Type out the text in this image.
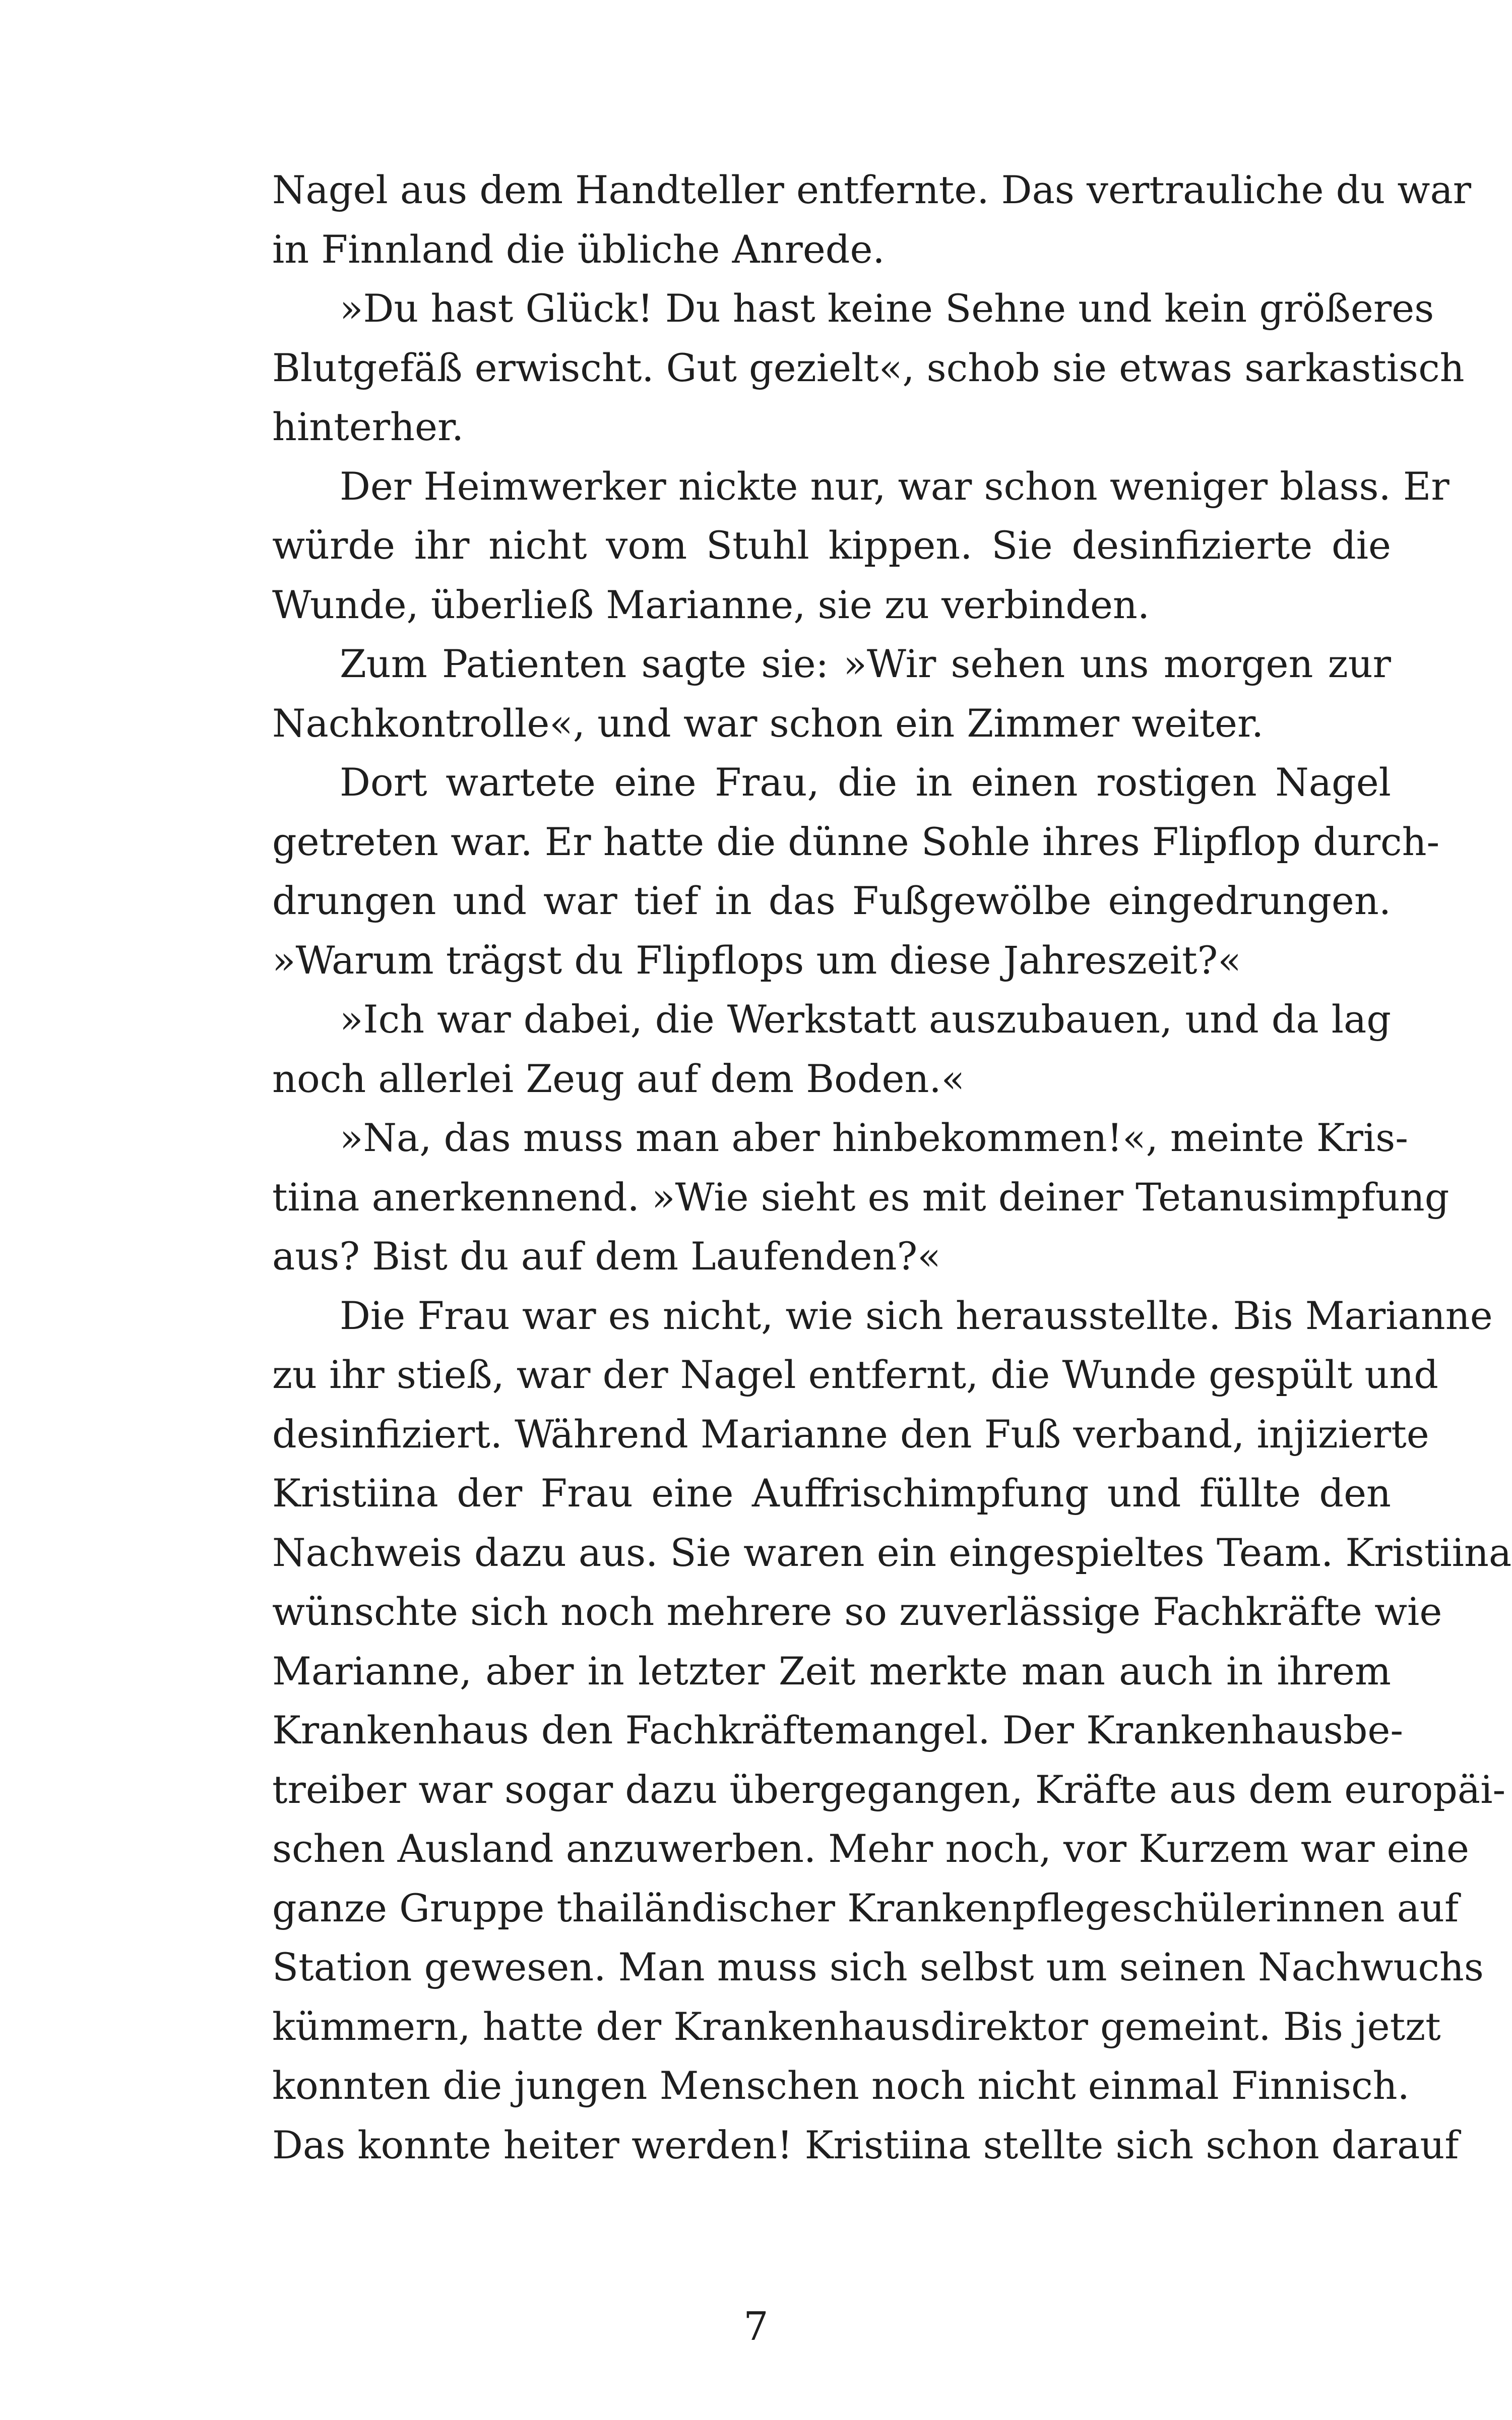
Nagel aus dem Handteller entfernte. Das vertrauliche du war
in Finnland die übliche Anrede.
»Du hast Glück! Du hast keine Sehne und kein größeres
Blutgefäß erwischt. Gut gezielt«, schob sie etwas sarkastisch
hinterher.
Der Heimwerker nickte nur, war schon weniger blass. Er
würde ihr nicht vom Stuhl kippen. Sie desinfizierte die
Wunde, überließ Marianne, sie zu verbinden.
Zum Patienten sagte sie: »Wir sehen uns morgen zur
Nachkontrolle«, und war schon ein Zimmer weiter.
Dort wartete eine Frau, die in einen rostigen Nagel
getreten war. Er hatte die dünne Sohle ihres Flipflop durch-
drungen und war tief in das Fußgewölbe eingedrungen.
»Warum trägst du Flipflops um diese Jahreszeit?«
»Ich war dabei, die Werkstatt auszubauen, und da lag
noch allerlei Zeug auf dem Boden.«
»Na, das muss man aber hinbekommen!«, meinte Kris-
tiina anerkennend. »Wie sieht es mit deiner Tetanusimpfung
aus? Bist du auf dem Laufenden?«
Die Frau war es nicht, wie sich herausstellte. Bis Marianne
zu ihr stieß, war der Nagel entfernt, die Wunde gespült und
desinfiziert. Während Marianne den Fuß verband, injizierte
Kristiina der Frau eine Auffrischimpfung und füllte den
Nachweis dazu aus. Sie waren ein eingespieltes Team. Kristiina
wünschte sich noch mehrere so zuverlässige Fachkräfte wie
Marianne, aber in letzter Zeit merkte man auch in ihrem
Krankenhaus den Fachkräftemangel. Der Krankenhausbe-
treiber war sogar dazu übergegangen, Kräfte aus dem europäi-
schen Ausland anzuwerben. Mehr noch, vor Kurzem war eine
ganze Gruppe thailändischer Krankenpflegeschülerinnen auf
Station gewesen. Man muss sich selbst um seinen Nachwuchs
kümmern, hatte der Krankenhausdirektor gemeint. Bis jetzt
konnten die jungen Menschen noch nicht einmal Finnisch.
Das konnte heiter werden! Kristiina stellte sich schon darauf
7
